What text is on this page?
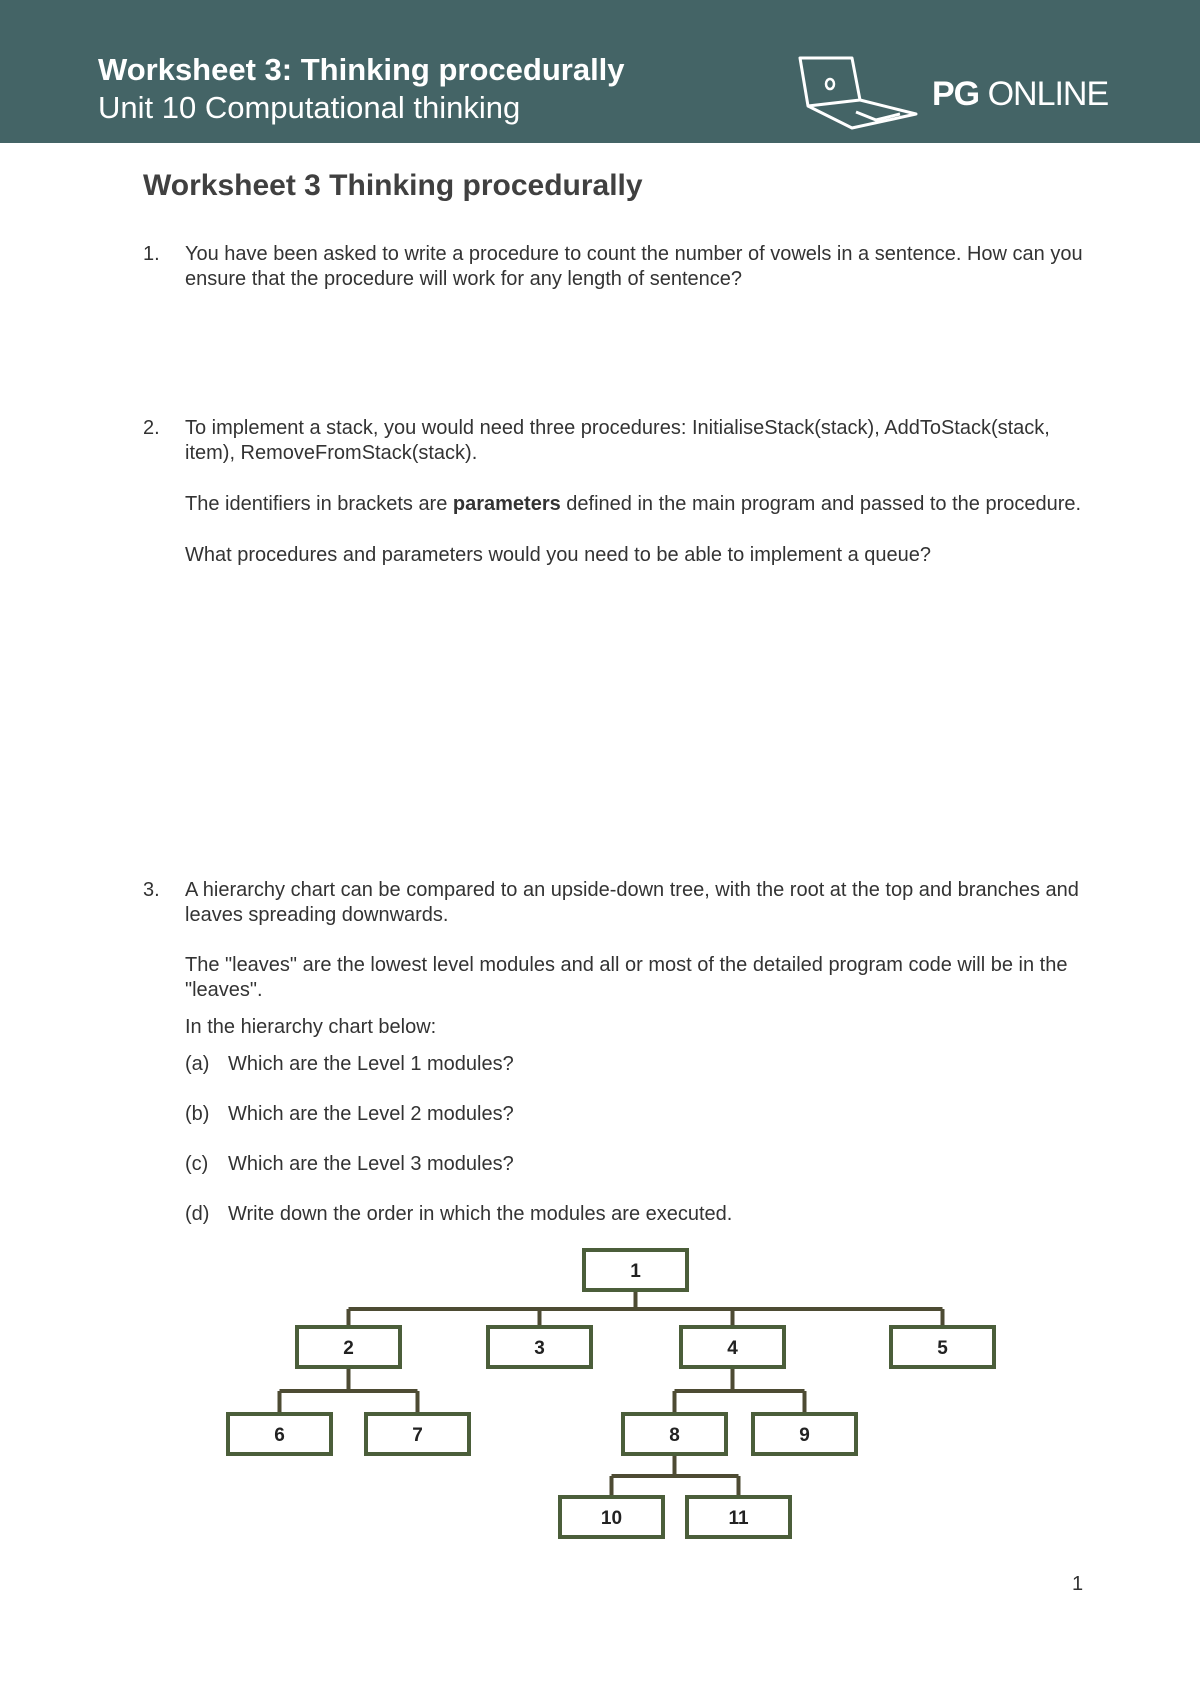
Worksheet 3: Thinking procedurally
Unit 10 Computational thinking	PG ONLINE
Worksheet 3 Thinking procedurally
1. You have been asked to write a procedure to count the number of vowels in a sentence. How can you ensure that the procedure will work for any length of sentence?

2. To implement a stack, you would need three procedures: InitialiseStack(stack), AddToStack(stack, item), RemoveFromStack(stack).

The identifiers in brackets are parameters defined in the main program and passed to the procedure.

What procedures and parameters would you need to be able to implement a queue?

3. A hierarchy chart can be compared to an upside-down tree, with the root at the top and branches and leaves spreading downwards.

The "leaves" are the lowest level modules and all or most of the detailed program code will be in the "leaves".

In the hierarchy chart below:

(a) Which are the Level 1 modules?
(b) Which are the Level 2 modules?
(c) Which are the Level 3 modules?
(d) Write down the order in which the modules are executed.
1
2	3	4	5
6	7	8	9
10	11
1
